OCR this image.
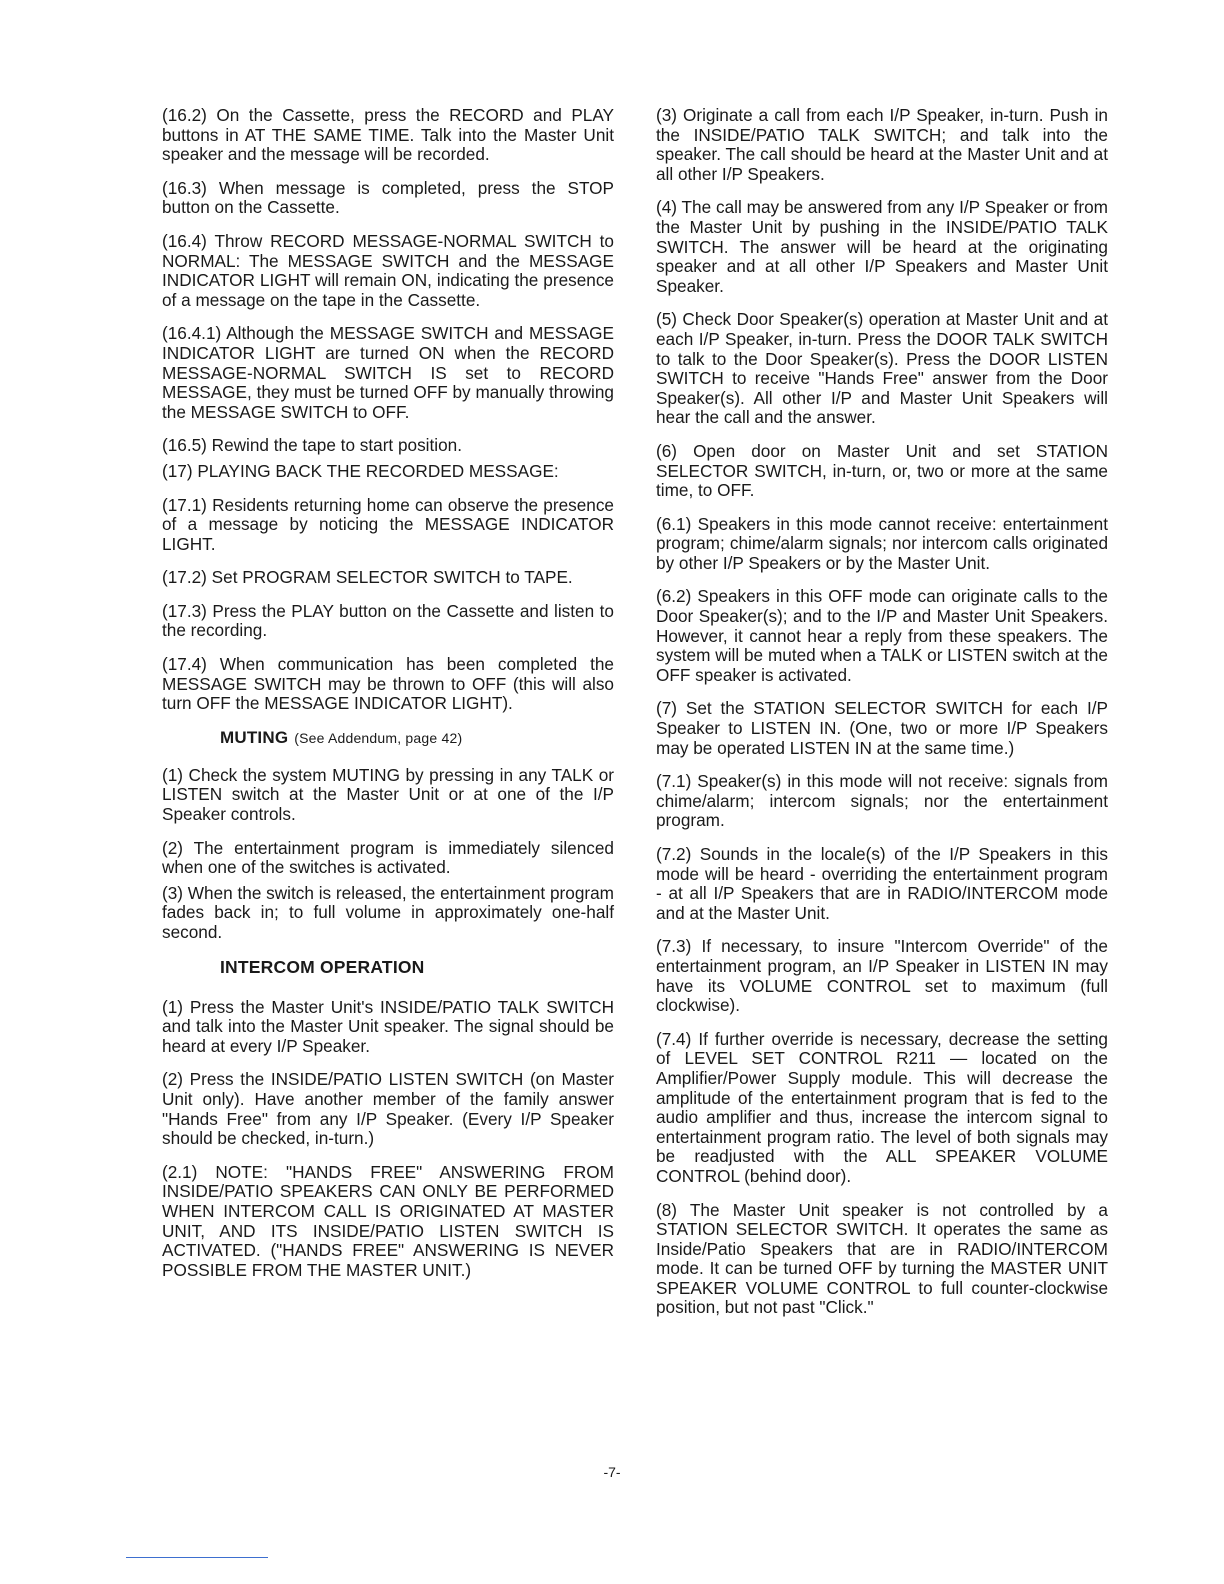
(16.2) On the Cassette, press the RECORD and PLAY buttons in AT THE SAME TIME. Talk into the Master Unit speaker and the message will be recorded.

(16.3) When message is completed, press the STOP button on the Cassette.

(16.4) Throw RECORD MESSAGE-NORMAL SWITCH to NORMAL: The MESSAGE SWITCH and the MESSAGE INDICATOR LIGHT will remain ON, indicating the presence of a message on the tape in the Cassette.

(16.4.1) Although the MESSAGE SWITCH and MESSAGE INDICATOR LIGHT are turned ON when the RECORD MESSAGE-NORMAL SWITCH IS set to RECORD MESSAGE, they must be turned OFF by manually throwing the MESSAGE SWITCH to OFF.

(16.5) Rewind the tape to start position.

(17) PLAYING BACK THE RECORDED MESSAGE:

(17.1) Residents returning home can observe the presence of a message by noticing the MESSAGE INDICATOR LIGHT.

(17.2) Set PROGRAM SELECTOR SWITCH to TAPE.

(17.3) Press the PLAY button on the Cassette and listen to the recording.

(17.4) When communication has been completed the MESSAGE SWITCH may be thrown to OFF (this will also turn OFF the MESSAGE INDICATOR LIGHT).

MUTING (See Addendum, page 42)

(1) Check the system MUTING by pressing in any TALK or LISTEN switch at the Master Unit or at one of the I/P Speaker controls.

(2) The entertainment program is immediately silenced when one of the switches is activated.

(3) When the switch is released, the entertainment program fades back in; to full volume in approximately one-half second.

INTERCOM OPERATION

(1) Press the Master Unit's INSIDE/PATIO TALK SWITCH and talk into the Master Unit speaker. The signal should be heard at every I/P Speaker.

(2) Press the INSIDE/PATIO LISTEN SWITCH (on Master Unit only). Have another member of the family answer "Hands Free" from any I/P Speaker. (Every I/P Speaker should be checked, in-turn.)

(2.1) NOTE: "HANDS FREE" ANSWERING FROM INSIDE/PATIO SPEAKERS CAN ONLY BE PERFORMED WHEN INTERCOM CALL IS ORIGINATED AT MASTER UNIT, AND ITS INSIDE/PATIO LISTEN SWITCH IS ACTIVATED. ("HANDS FREE" ANSWERING IS NEVER POSSIBLE FROM THE MASTER UNIT.)

(3) Originate a call from each I/P Speaker, in-turn. Push in the INSIDE/PATIO TALK SWITCH; and talk into the speaker. The call should be heard at the Master Unit and at all other I/P Speakers.

(4) The call may be answered from any I/P Speaker or from the Master Unit by pushing in the INSIDE/PATIO TALK SWITCH. The answer will be heard at the originating speaker and at all other I/P Speakers and Master Unit Speaker.

(5) Check Door Speaker(s) operation at Master Unit and at each I/P Speaker, in-turn. Press the DOOR TALK SWITCH to talk to the Door Speaker(s). Press the DOOR LISTEN SWITCH to receive "Hands Free" answer from the Door Speaker(s). All other I/P and Master Unit Speakers will hear the call and the answer.

(6) Open door on Master Unit and set STATION SELECTOR SWITCH, in-turn, or, two or more at the same time, to OFF.

(6.1) Speakers in this mode cannot receive: entertainment program; chime/alarm signals; nor intercom calls originated by other I/P Speakers or by the Master Unit.

(6.2) Speakers in this OFF mode can originate calls to the Door Speaker(s); and to the I/P and Master Unit Speakers. However, it cannot hear a reply from these speakers. The system will be muted when a TALK or LISTEN switch at the OFF speaker is activated.

(7) Set the STATION SELECTOR SWITCH for each I/P Speaker to LISTEN IN. (One, two or more I/P Speakers may be operated LISTEN IN at the same time.)

(7.1) Speaker(s) in this mode will not receive: signals from chime/alarm; intercom signals; nor the entertainment program.

(7.2) Sounds in the locale(s) of the I/P Speakers in this mode will be heard - overriding the entertainment program - at all I/P Speakers that are in RADIO/INTERCOM mode and at the Master Unit.

(7.3) If necessary, to insure "Intercom Override" of the entertainment program, an I/P Speaker in LISTEN IN may have its VOLUME CONTROL set to maximum (full clockwise).

(7.4) If further override is necessary, decrease the setting of LEVEL SET CONTROL R211 — located on the Amplifier/Power Supply module. This will decrease the amplitude of the entertainment program that is fed to the audio amplifier and thus, increase the intercom signal to entertainment program ratio. The level of both signals may be readjusted with the ALL SPEAKER VOLUME CONTROL (behind door).

(8) The Master Unit speaker is not controlled by a STATION SELECTOR SWITCH. It operates the same as Inside/Patio Speakers that are in RADIO/INTERCOM mode. It can be turned OFF by turning the MASTER UNIT SPEAKER VOLUME CONTROL to full counter-clockwise position, but not past "Click."

-7-
